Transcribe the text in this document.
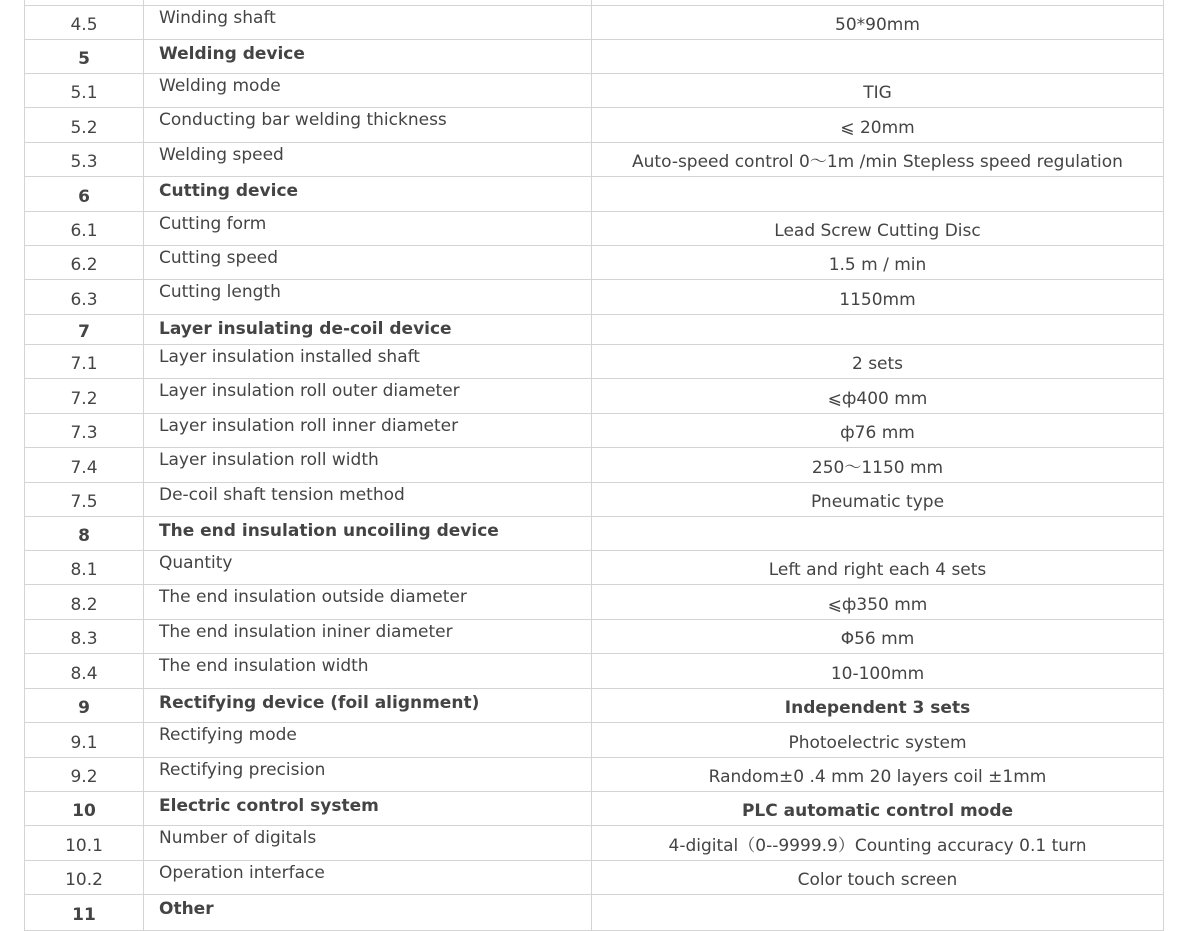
4.5	Winding shaft	50*90mm
5	Welding device	
5.1	Welding mode	TIG
5.2	Conducting bar welding thickness	⩽ 20mm
5.3	Welding speed	Auto-speed control 0～1m /min Stepless speed regulation
6	Cutting device	
6.1	Cutting form	Lead Screw Cutting Disc
6.2	Cutting speed	1.5 m / min
6.3	Cutting length	1150mm
7	Layer insulating de-coil device	
7.1	Layer insulation installed shaft	2 sets
7.2	Layer insulation roll outer diameter	⩽ф400 mm
7.3	Layer insulation roll inner diameter	ф76 mm
7.4	Layer insulation roll width	250～1150 mm
7.5	De-coil shaft tension method	Pneumatic type
8	The end insulation uncoiling device	
8.1	Quantity	Left and right each 4 sets
8.2	The end insulation outside diameter	⩽ф350 mm
8.3	The end insulation ininer diameter	Φ56 mm
8.4	The end insulation width	10-100mm
9	Rectifying device (foil alignment)	Independent 3 sets
9.1	Rectifying mode	Photoelectric system
9.2	Rectifying precision	Random±0 .4 mm 20 layers coil ±1mm
10	Electric control system	PLC automatic control mode
10.1	Number of digitals	4-digital（0--9999.9）Counting accuracy 0.1 turn
10.2	Operation interface	Color touch screen
11	Other	
